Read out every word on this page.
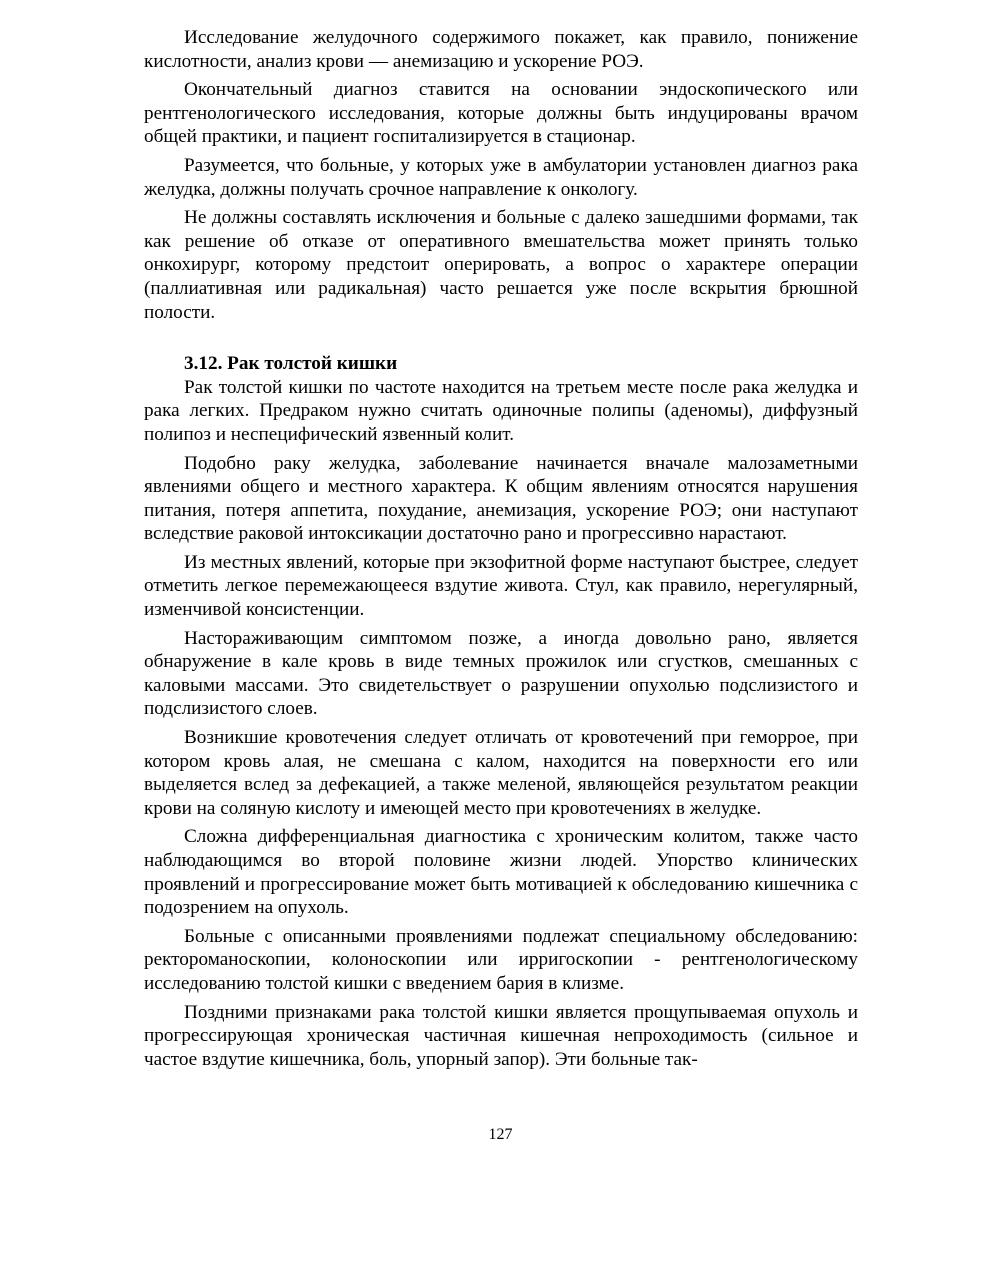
Исследование желудочного содержимого покажет, как правило, понижение кислотности, анализ крови — анемизацию и ускорение РОЭ.

Окончательный диагноз ставится на основании эндоскопического или рентгенологического исследования, которые должны быть индуцированы врачом общей практики, и пациент госпитализируется в стационар.

Разумеется, что больные, у которых уже в амбулатории установлен диагноз рака желудка, должны получать срочное направление к онкологу.

Не должны составлять исключения и больные с далеко зашедшими формами, так как решение об отказе от оперативного вмешательства может принять только онкохирург, которому предстоит оперировать, а вопрос о характере операции (паллиативная или радикальная) часто решается уже после вскрытия брюшной полости.

3.12. Рак толстой кишки

Рак толстой кишки по частоте находится на третьем месте после рака желудка и рака легких. Предраком нужно считать одиночные полипы (аденомы), диффузный полипоз и неспецифический язвенный колит.

Подобно раку желудка, заболевание начинается вначале малозаметными явлениями общего и местного характера. К общим явлениям относятся нарушения питания, потеря аппетита, похудание, анемизация, ускорение РОЭ; они наступают вследствие раковой интоксикации достаточно рано и прогрессивно нарастают.

Из местных явлений, которые при экзофитной форме наступают быстрее, следует отметить легкое перемежающееся вздутие живота. Стул, как правило, нерегулярный, изменчивой консистенции.

Настораживающим симптомом позже, а иногда довольно рано, является обнаружение в кале кровь в виде темных прожилок или сгустков, смешанных с каловыми массами. Это свидетельствует о разрушении опухолью подслизистого и подслизистого слоев.

Возникшие кровотечения следует отличать от кровотечений при геморрое, при котором кровь алая, не смешана с калом, находится на поверхности его или выделяется вслед за дефекацией, а также меленой, являющейся результатом реакции крови на соляную кислоту и имеющей место при кровотечениях в желудке.

Сложна дифференциальная диагностика с хроническим колитом, также часто наблюдающимся во второй половине жизни людей. Упорство клинических проявлений и прогрессирование может быть мотивацией к обследованию кишечника с подозрением на опухоль.

Больные с описанными проявлениями подлежат специальному обследованию: ректороманоскопии, колоноскопии или ирригоскопии - рентгенологическому исследованию толстой кишки с введением бария в клизме.

Поздними признаками рака толстой кишки является прощупываемая опухоль и прогрессирующая хроническая частичная кишечная непроходимость (сильное и частое вздутие кишечника, боль, упорный запор). Эти больные так-

127
